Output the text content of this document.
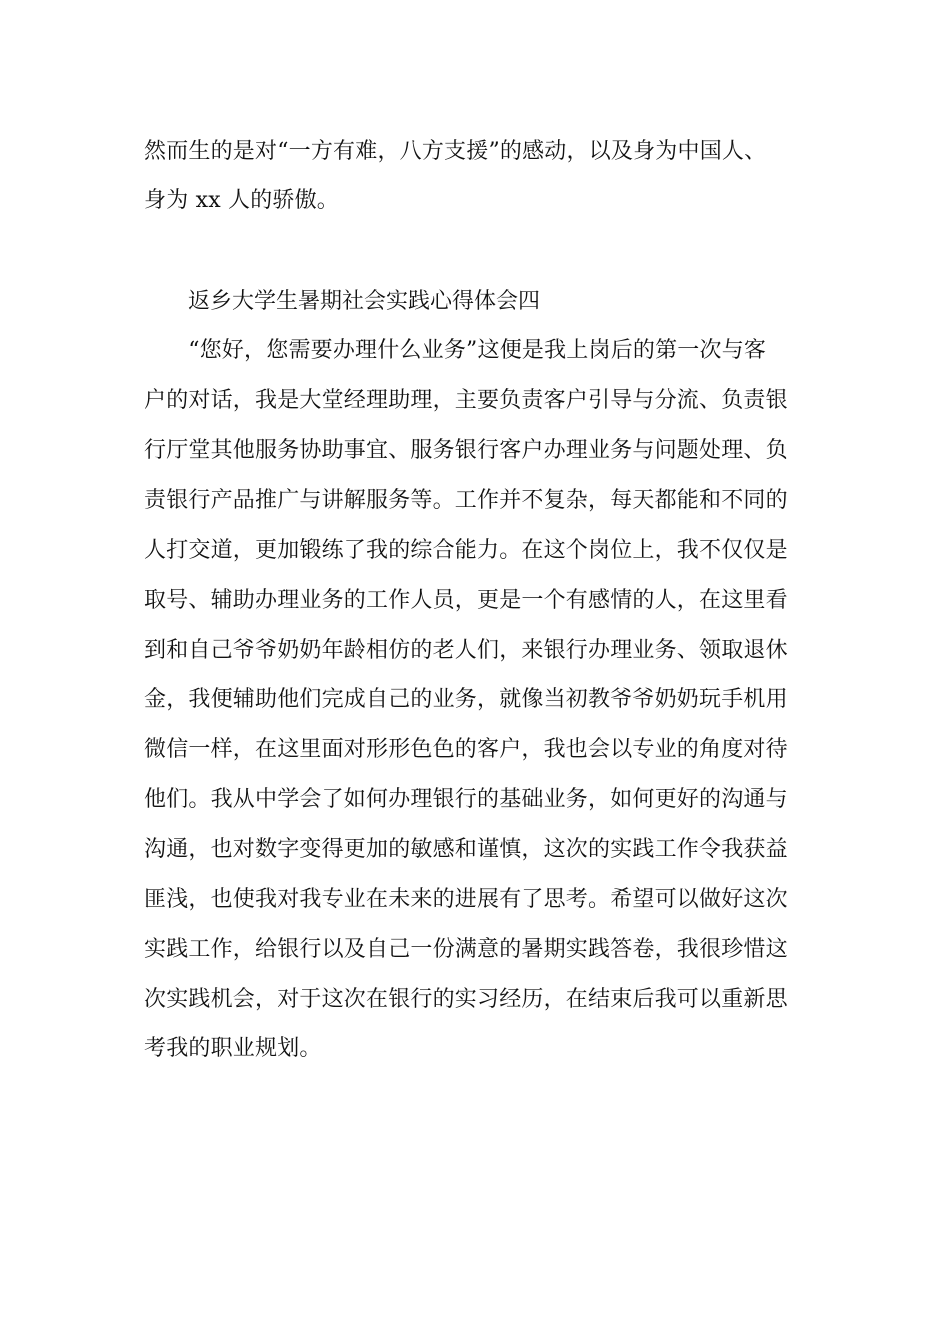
然而生的是对“一方有难，八方支援”的感动，以及身为中国人、
身为 xx 人的骄傲。
返乡大学生暑期社会实践心得体会四
　“您好，您需要办理什么业务”这便是我上岗后的第一次与客
户的对话，我是大堂经理助理，主要负责客户引导与分流、负责银
行厅堂其他服务协助事宜、服务银行客户办理业务与问题处理、负
责银行产品推广与讲解服务等。工作并不复杂，每天都能和不同的
人打交道，更加锻练了我的综合能力。在这个岗位上，我不仅仅是
取号、辅助办理业务的工作人员，更是一个有感情的人，在这里看
到和自己爷爷奶奶年龄相仿的老人们，来银行办理业务、领取退休
金，我便辅助他们完成自己的业务，就像当初教爷爷奶奶玩手机用
微信一样，在这里面对形形色色的客户，我也会以专业的角度对待
他们。我从中学会了如何办理银行的基础业务，如何更好的沟通与
沟通，也对数字变得更加的敏感和谨慎，这次的实践工作令我获益
匪浅，也使我对我专业在未来的进展有了思考。希望可以做好这次
实践工作，给银行以及自己一份满意的暑期实践答卷，我很珍惜这
次实践机会，对于这次在银行的实习经历，在结束后我可以重新思
考我的职业规划。
